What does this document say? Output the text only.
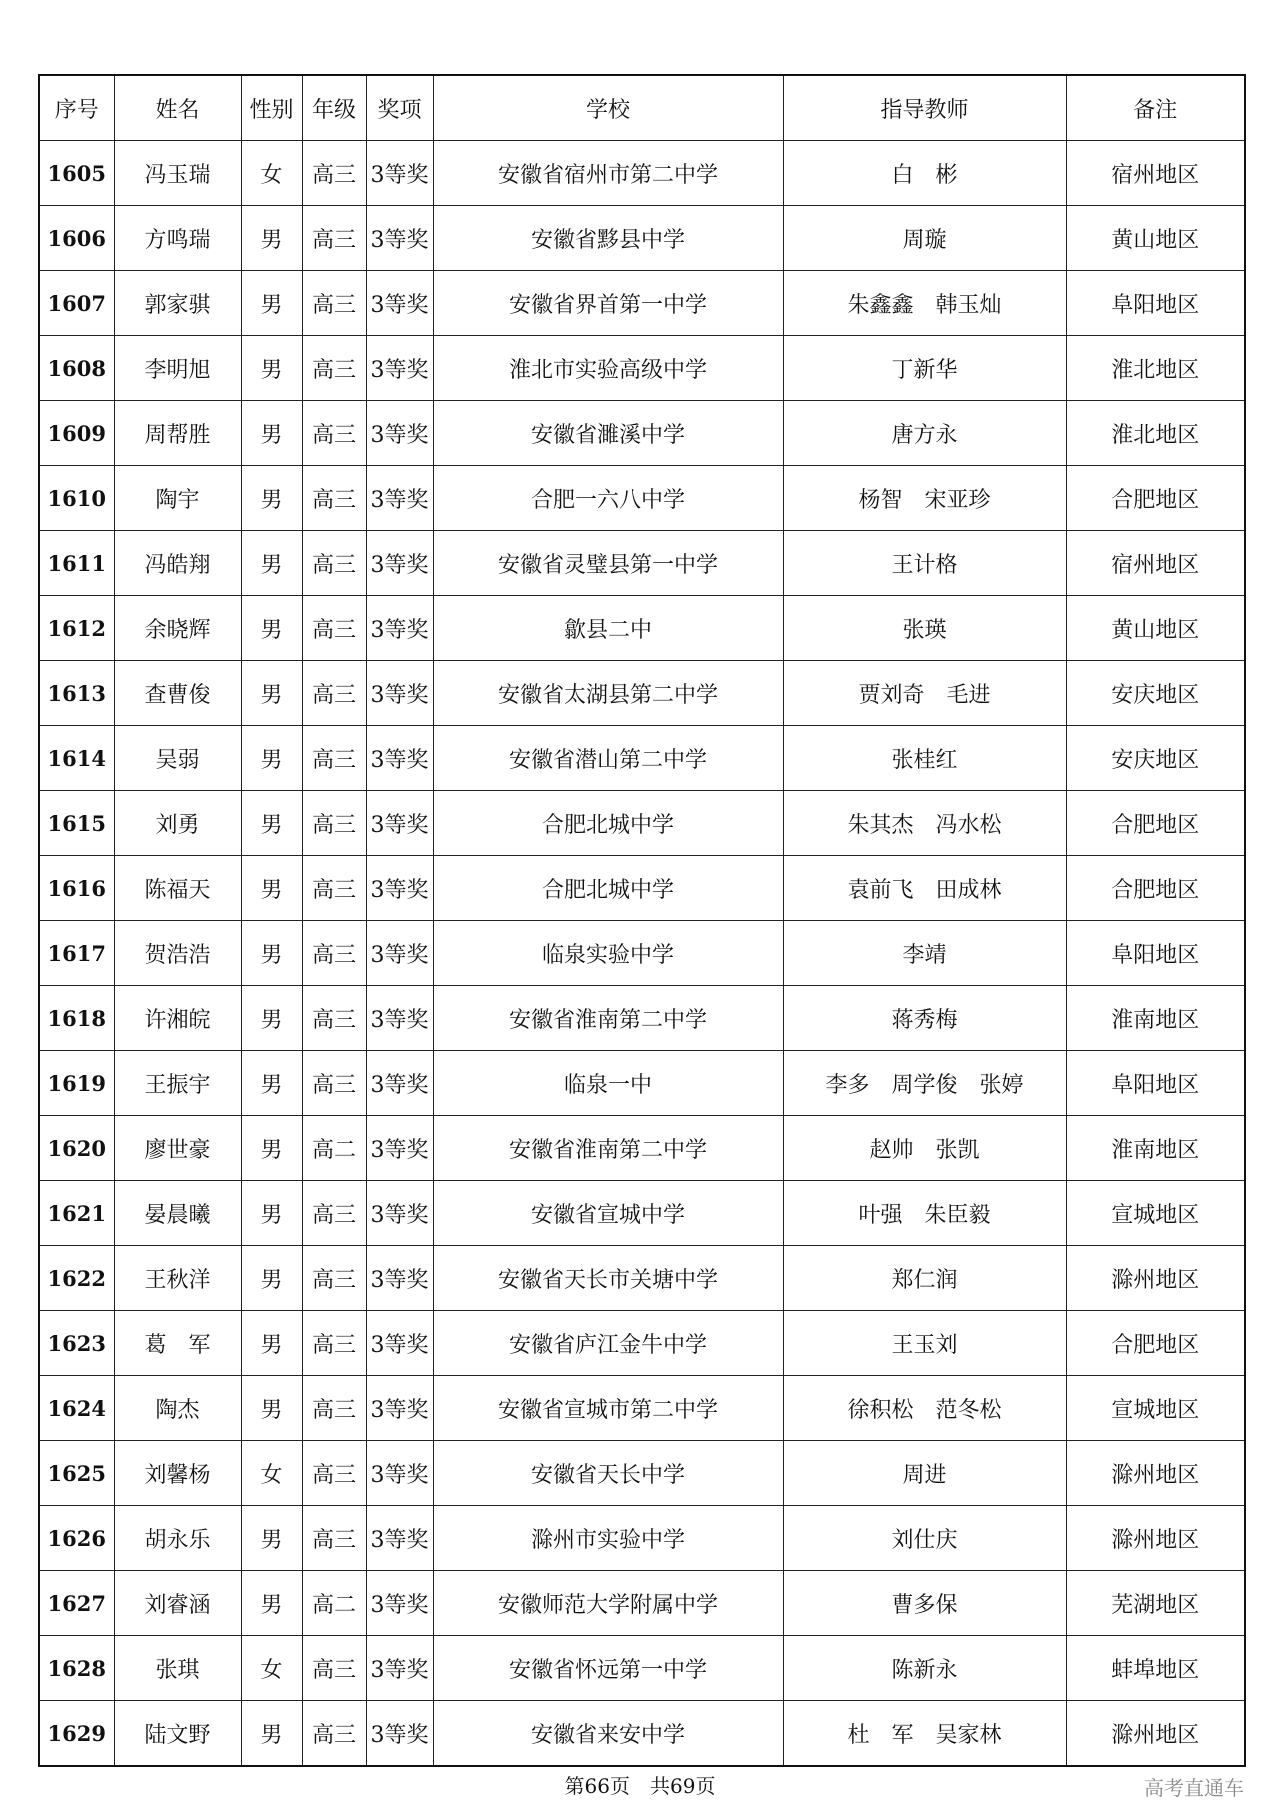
序号	姓名	性别	年级	奖项	学校	指导教师	备注
1605	冯玉瑞	女	高三	3等奖	安徽省宿州市第二中学	白　彬	宿州地区
1606	方鸣瑞	男	高三	3等奖	安徽省黟县中学	周璇	黄山地区
1607	郭家骐	男	高三	3等奖	安徽省界首第一中学	朱鑫鑫　韩玉灿	阜阳地区
1608	李明旭	男	高三	3等奖	淮北市实验高级中学	丁新华	淮北地区
1609	周帮胜	男	高三	3等奖	安徽省濉溪中学	唐方永	淮北地区
1610	陶宇	男	高三	3等奖	合肥一六八中学	杨智　宋亚珍	合肥地区
1611	冯皓翔	男	高三	3等奖	安徽省灵璧县第一中学	王计格	宿州地区
1612	余晓辉	男	高三	3等奖	歙县二中	张瑛	黄山地区
1613	查曹俊	男	高三	3等奖	安徽省太湖县第二中学	贾刘奇　毛进	安庆地区
1614	吴弱	男	高三	3等奖	安徽省潜山第二中学	张桂红	安庆地区
1615	刘勇	男	高三	3等奖	合肥北城中学	朱其杰　冯水松	合肥地区
1616	陈福天	男	高三	3等奖	合肥北城中学	袁前飞　田成林	合肥地区
1617	贺浩浩	男	高三	3等奖	临泉实验中学	李靖	阜阳地区
1618	许湘皖	男	高三	3等奖	安徽省淮南第二中学	蒋秀梅	淮南地区
1619	王振宇	男	高三	3等奖	临泉一中	李多　周学俊　张婷	阜阳地区
1620	廖世豪	男	高二	3等奖	安徽省淮南第二中学	赵帅　张凯	淮南地区
1621	晏晨曦	男	高三	3等奖	安徽省宣城中学	叶强　朱臣毅	宣城地区
1622	王秋洋	男	高三	3等奖	安徽省天长市关塘中学	郑仁润	滁州地区
1623	葛　军	男	高三	3等奖	安徽省庐江金牛中学	王玉刘	合肥地区
1624	陶杰	男	高三	3等奖	安徽省宣城市第二中学	徐积松　范冬松	宣城地区
1625	刘馨杨	女	高三	3等奖	安徽省天长中学	周进	滁州地区
1626	胡永乐	男	高三	3等奖	滁州市实验中学	刘仕庆	滁州地区
1627	刘睿涵	男	高二	3等奖	安徽师范大学附属中学	曹多保	芜湖地区
1628	张琪	女	高三	3等奖	安徽省怀远第一中学	陈新永	蚌埠地区
1629	陆文野	男	高三	3等奖	安徽省来安中学	杜　军　吴家林	滁州地区
第66页　共69页	高考直通车
